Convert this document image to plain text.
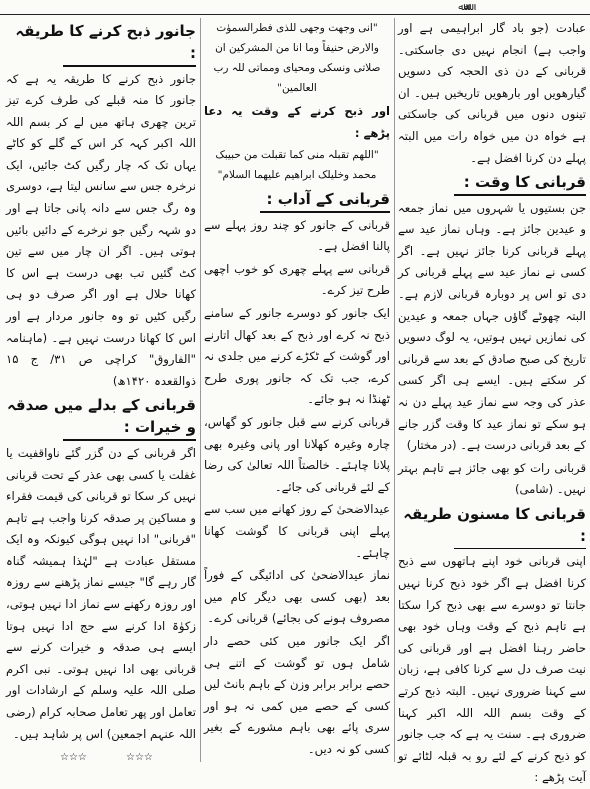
ﷲﷲ

عبادت (جو باد گار ابراہیمی ہے اور واجب ہے) انجام نہیں دی جاسکتی۔ قربانی کے دن ذی الحجہ کی دسویں گیارھویں اور بارھویں تاریخیں ہیں۔ ان تینوں دنوں میں قربانی کی جاسکتی ہے خواہ دن میں خواہ رات میں البتہ پہلے دن کرنا افضل ہے۔

قربانی کا وقت :

جن بستیوں یا شہروں میں نماز جمعہ و عیدین جائز ہے۔ وہاں نماز عید سے پہلے قربانی کرنا جائز نہیں ہے۔ اگر کسی نے نماز عید سے پہلے قربانی کر دی تو اس پر دوبارہ قربانی لازم ہے۔ البتہ چھوٹے گاؤں جہاں جمعہ و عیدین کی نمازیں نہیں ہوتیں، یہ لوگ دسویں تاریخ کی صبح صادق کے بعد سے قربانی کر سکتے ہیں۔ ایسے ہی اگر کسی عذر کی وجہ سے نماز عید پہلے دن نہ ہو سکے تو نماز عید کا وقت گزر جانے کے بعد قربانی درست ہے۔ (در مختار)

قربانی رات کو بھی جائز ہے تاہم بہتر نہیں۔ (شامی)

قربانی کا مسنون طریقہ :

اپنی قربانی خود اپنے ہاتھوں سے ذبح کرنا افضل ہے اگر خود ذبح کرنا نہیں جانتا تو دوسرے سے بھی ذبح کرا سکتا ہے تاہم ذبح کے وقت وہاں خود بھی حاضر رہنا افضل ہے اور قربانی کی نیت صرف دل سے کرنا کافی ہے، زبان سے کہنا ضروری نہیں۔ البتہ ذبح کرتے کے وقت بسم اللہ اللہ اکبر کہنا ضروری ہے۔ سنت یہ ہے کہ جب جانور کو ذبح کرنے کے لئے رو بہ قبلہ لٹائے تو آیت پڑھے :

"انی وجھت وجھی للذی فطرالسموٰت والارض حنیفاً وما انا من المشرکین ان صلاتی ونسکی ومحیای ومماتی للہ رب العالمین"

اور ذبح کرنے کے وقت یہ دعا پڑھے :

"اللھم تقبلہ منی کما تقبلت من حبیبک محمد وخلیلک ابراھیم علیھما السلام"

قربانی کے آداب :

قربانی کے جانور کو چند روز پہلے سے پالنا افضل ہے۔

قربانی سے پہلے چھری کو خوب اچھی طرح تیز کرے۔

ایک جانور کو دوسرے جانور کے سامنے ذبح نہ کرے اور ذبح کے بعد کھال اتارنے اور گوشت کے ٹکڑے کرنے میں جلدی نہ کرے، جب تک کہ جانور پوری طرح ٹھنڈا نہ ہو جائے۔

قربانی کرنے سے قبل جانور کو گھاس، چارہ وغیرہ کھلانا اور پانی وغیرہ بھی پلانا چاہئے۔ خالصتاً اللہ تعالیٰ کی رضا کے لئے قربانی کی جائے۔

عیدالاضحیٰ کے روز کھانے میں سب سے پہلے اپنی قربانی کا گوشت کھانا چاہئے۔

نماز عیدالاضحیٰ کی ادائیگی کے فوراً بعد (بھی کسی بھی دیگر کام میں مصروف ہونے کی بجائے) قربانی کرے۔

اگر ایک جانور میں کئی حصے دار شامل ہوں تو گوشت کے اتنے ہی حصے برابر برابر وزن کے باہم بانٹ لیں کسی کے حصے میں کمی نہ ہو اور سری پائے بھی باہم مشورے کے بغیر کسی کو نہ دیں۔

جانور ذبح کرنے کا طریقہ :

جانور ذبح کرنے کا طریقہ یہ ہے کہ جانور کا منہ قبلے کی طرف کرے تیز ترین چھری ہاتھ میں لے کر بسم اللہ اللہ اکبر کہہ کر اس کے گلے کو کاٹے یہاں تک کہ چار رگیں کٹ جائیں، ایک نرخرہ جس سے سانس لیتا ہے، دوسری وہ رگ جس سے دانہ پانی جاتا ہے اور دو شہہ رگیں جو نرخرے کے دائیں بائیں ہوتی ہیں۔ اگر ان چار میں سے تین کٹ گئیں تب بھی درست ہے اس کا کھانا حلال ہے اور اگر صرف دو ہی رگیں کٹیں تو وہ جانور مردار ہے اور اس کا کھانا درست نہیں ہے۔ (ماہنامہ "الفاروق" کراچی ص ۳۱/ ج ۱۵ ذوالقعدہ ۱۴۲۰ھ)

قربانی کے بدلے میں صدقہ و خیرات :

اگر قربانی کے دن گزر گئے ناواقفیت یا غفلت یا کسی بھی عذر کے تحت قربانی نہیں کر سکا تو قربانی کی قیمت فقراء و مساکین پر صدقہ کرنا واجب ہے تاہم "قربانی" ادا نہیں ہوگی کیونکہ وہ ایک مستقل عبادت ہے "لہٰذا ہمیشہ گناہ گار رہے گا" جیسے نماز پڑھنے سے روزہ اور روزہ رکھنے سے نماز ادا نہیں ہوتی، زکوٰۃ ادا کرنے سے حج ادا نہیں ہوتا ایسے ہی صدقہ و خیرات کرنے سے قربانی بھی ادا نہیں ہوتی۔ نبی اکرم صلی اللہ علیہ وسلم کے ارشادات اور تعامل اور پھر تعامل صحابہ کرام (رضی اللہ عنہم اجمعین) اس پر شاہد ہیں۔

☆☆☆	☆☆☆
